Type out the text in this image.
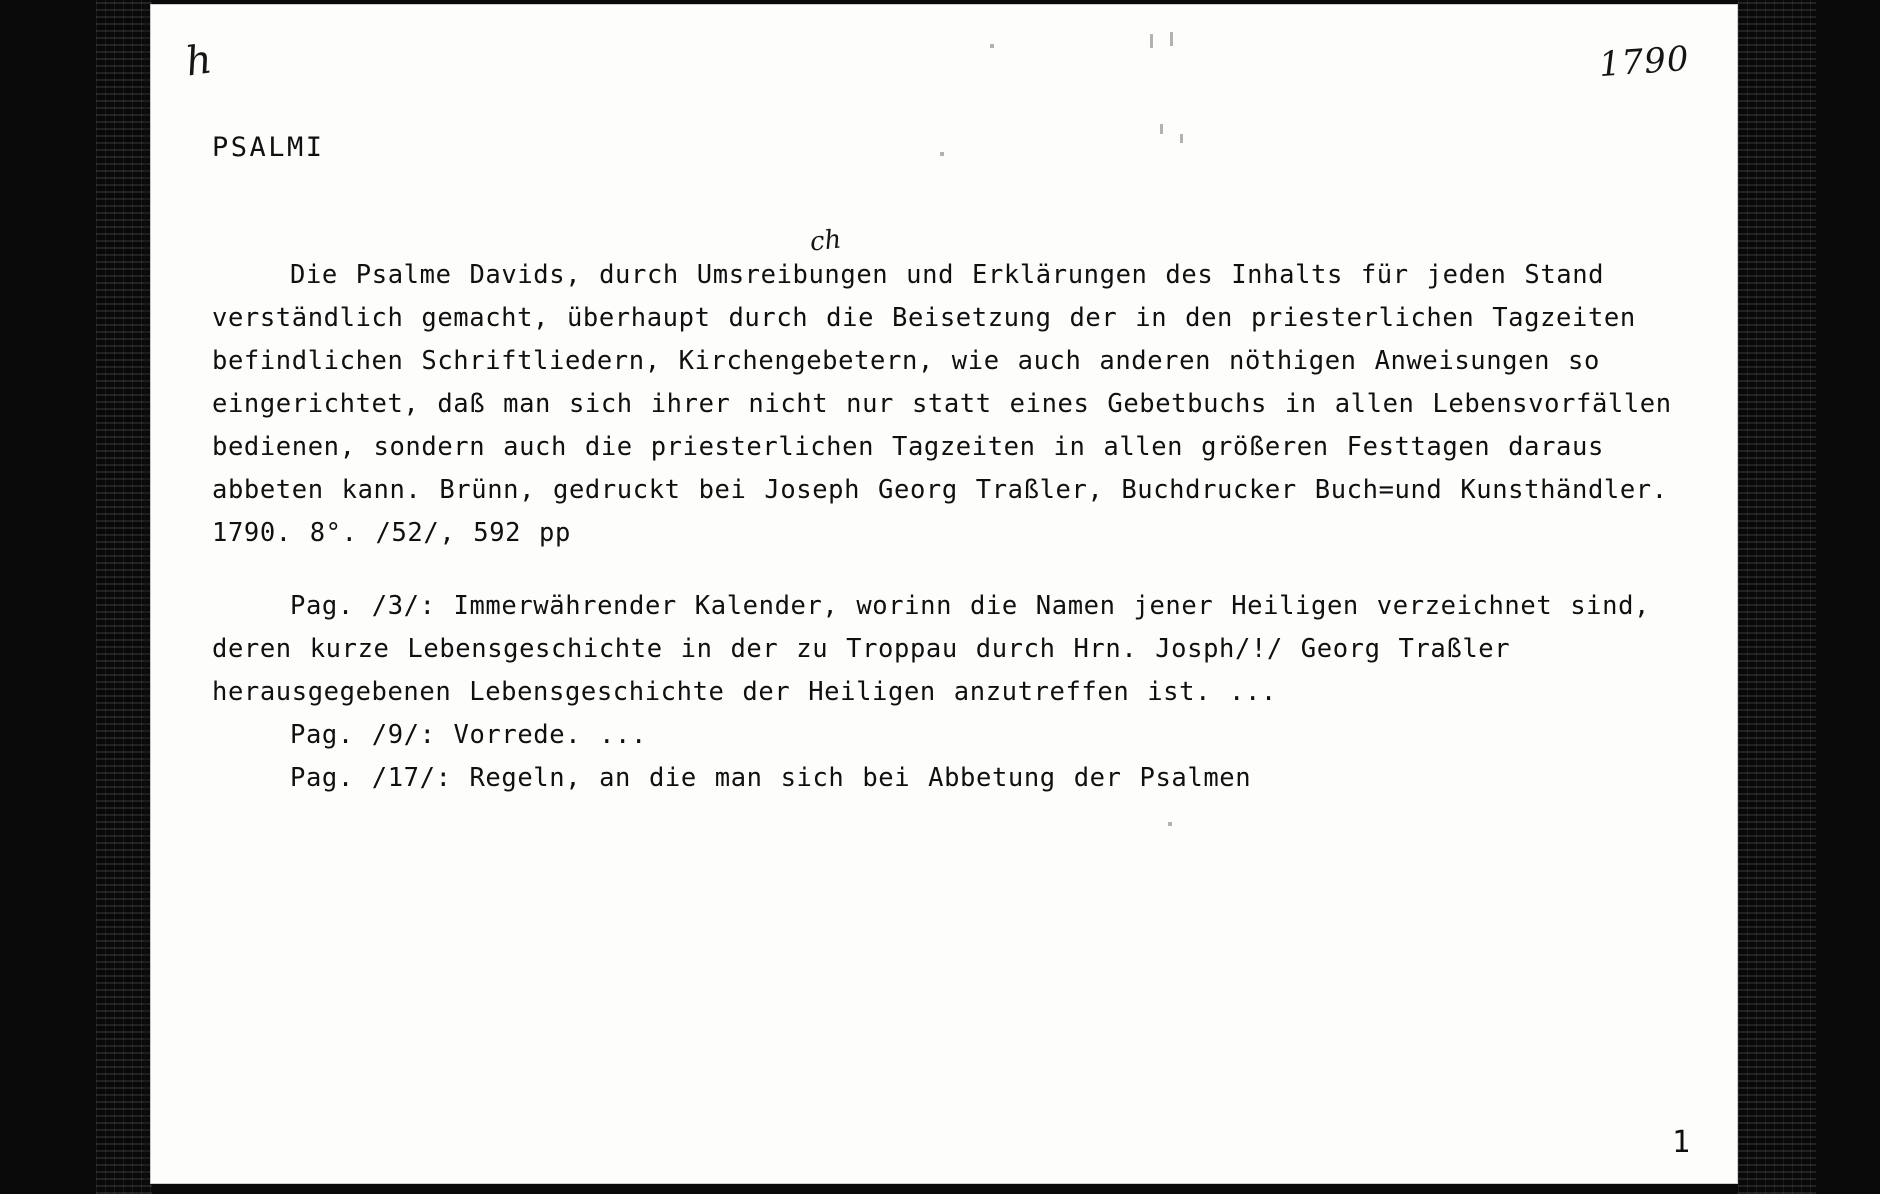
h	1790
PSALMI
ch
Die Psalme Davids, durch Umsreibungen und Erklärungen des Inhalts für jeden Stand verständlich gemacht, überhaupt durch die Beisetzung der in den priesterlichen Tagzeiten befindlichen Schriftliedern, Kirchengebetern, wie auch anderen nöthigen Anweisungen so eingerichtet, daß man sich ihrer nicht nur statt eines Gebetbuchs in allen Lebensvorfällen bedienen, sondern auch die priesterlichen Tagzeiten in allen größeren Festtagen daraus abbeten kann. Brünn, gedruckt bei Joseph Georg Traßler, Buchdrucker Buch=und Kunsthändler. 1790. 8°. /52/, 592 pp
Pag. /3/: Immerwährender Kalender, worinn die Namen jener Heiligen verzeichnet sind, deren kurze Lebensgeschichte in der zu Troppau durch Hrn. Josph/!/ Georg Traßler herausgegebenen Lebensgeschichte der Heiligen anzutreffen ist. ...
Pag. /9/: Vorrede. ...
Pag. /17/: Regeln, an die man sich bei Abbetung der Psalmen
1
